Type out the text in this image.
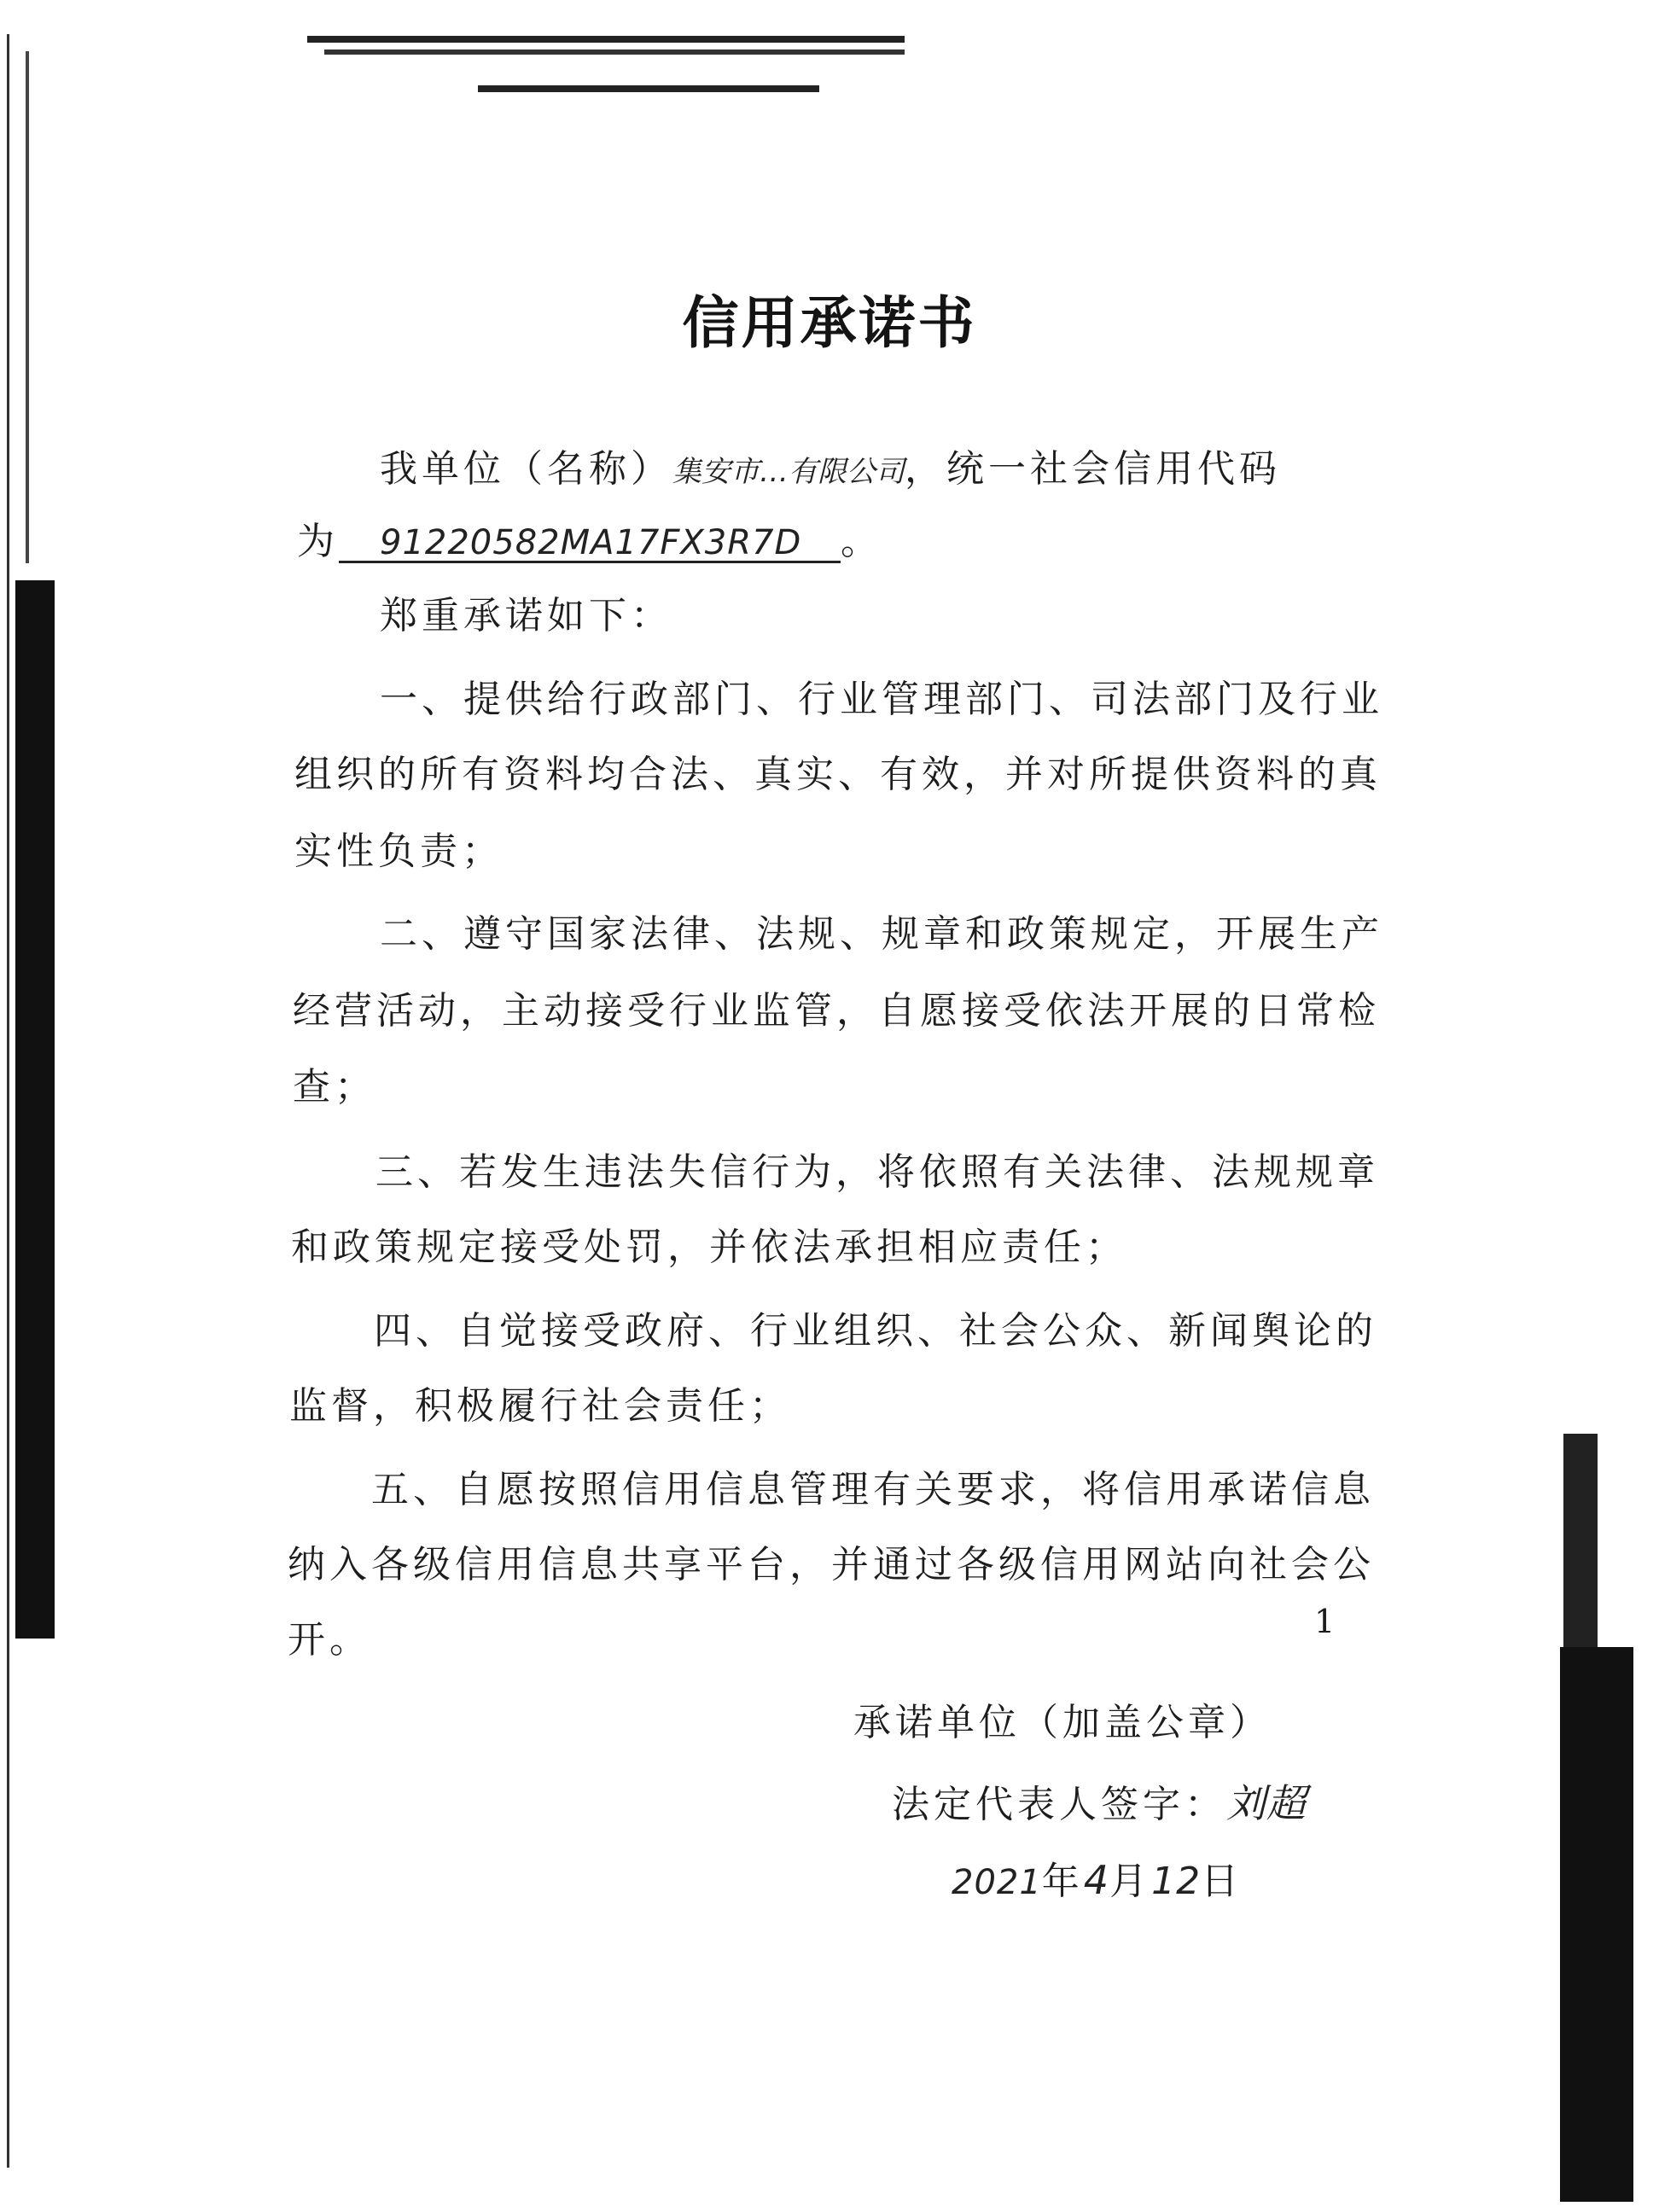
信用承诺书
我单位（名称）集安市…有限公司，统一社会信用代码
为 91220582MA17FX3R7D 。
郑重承诺如下：
一、提供给行政部门、行业管理部门、司法部门及行业
组织的所有资料均合法、真实、有效，并对所提供资料的真
实性负责；
二、遵守国家法律、法规、规章和政策规定，开展生产
经营活动，主动接受行业监管，自愿接受依法开展的日常检
查；
三、若发生违法失信行为，将依照有关法律、法规规章
和政策规定接受处罚，并依法承担相应责任；
四、自觉接受政府、行业组织、社会公众、新闻舆论的
监督，积极履行社会责任；
五、自愿按照信用信息管理有关要求，将信用承诺信息
纳入各级信用信息共享平台，并通过各级信用网站向社会公
开。
承诺单位（加盖公章）
法定代表人签字：刘超
2021年4月12日
1
